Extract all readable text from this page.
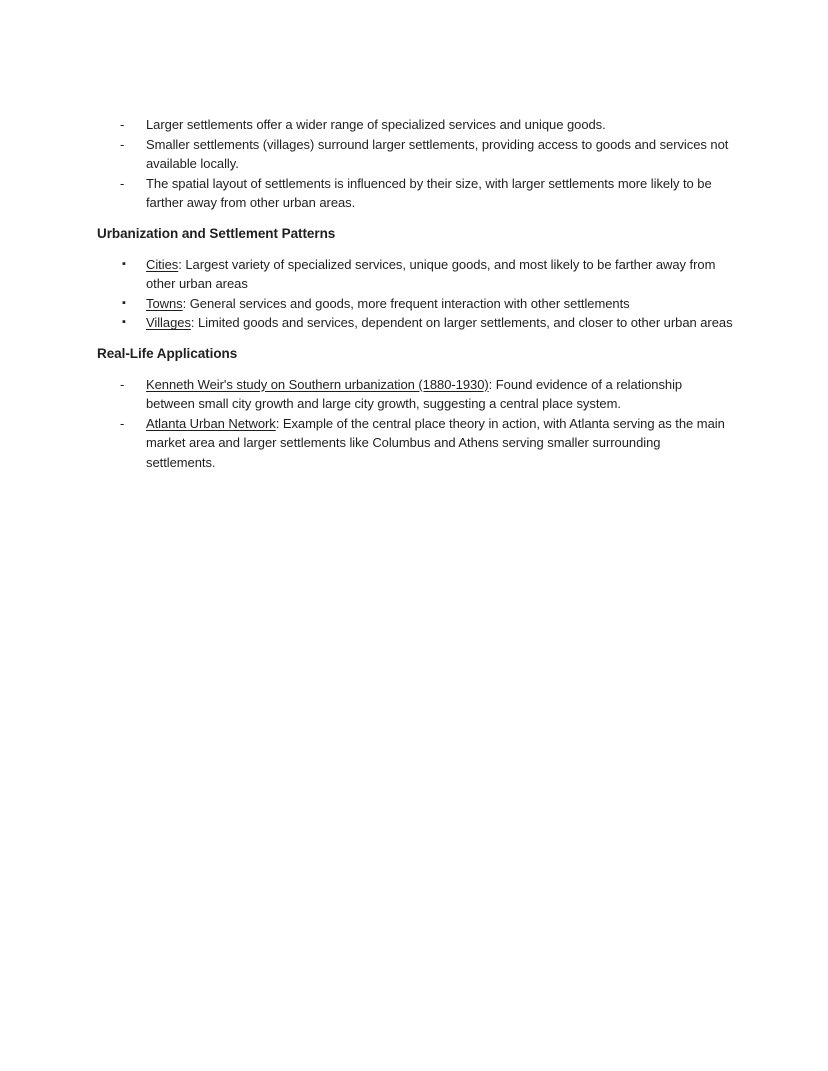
-	Larger settlements offer a wider range of specialized services and unique goods.
-	Smaller settlements (villages) surround larger settlements, providing access to goods and services not available locally.
-	The spatial layout of settlements is influenced by their size, with larger settlements more likely to be farther away from other urban areas.
Urbanization and Settlement Patterns
▪	Cities: Largest variety of specialized services, unique goods, and most likely to be farther away from other urban areas
▪	Towns: General services and goods, more frequent interaction with other settlements
▪	Villages: Limited goods and services, dependent on larger settlements, and closer to other urban areas
Real-Life Applications
-	Kenneth Weir's study on Southern urbanization (1880-1930): Found evidence of a relationship between small city growth and large city growth, suggesting a central place system.
-	Atlanta Urban Network: Example of the central place theory in action, with Atlanta serving as the main market area and larger settlements like Columbus and Athens serving smaller surrounding settlements.
